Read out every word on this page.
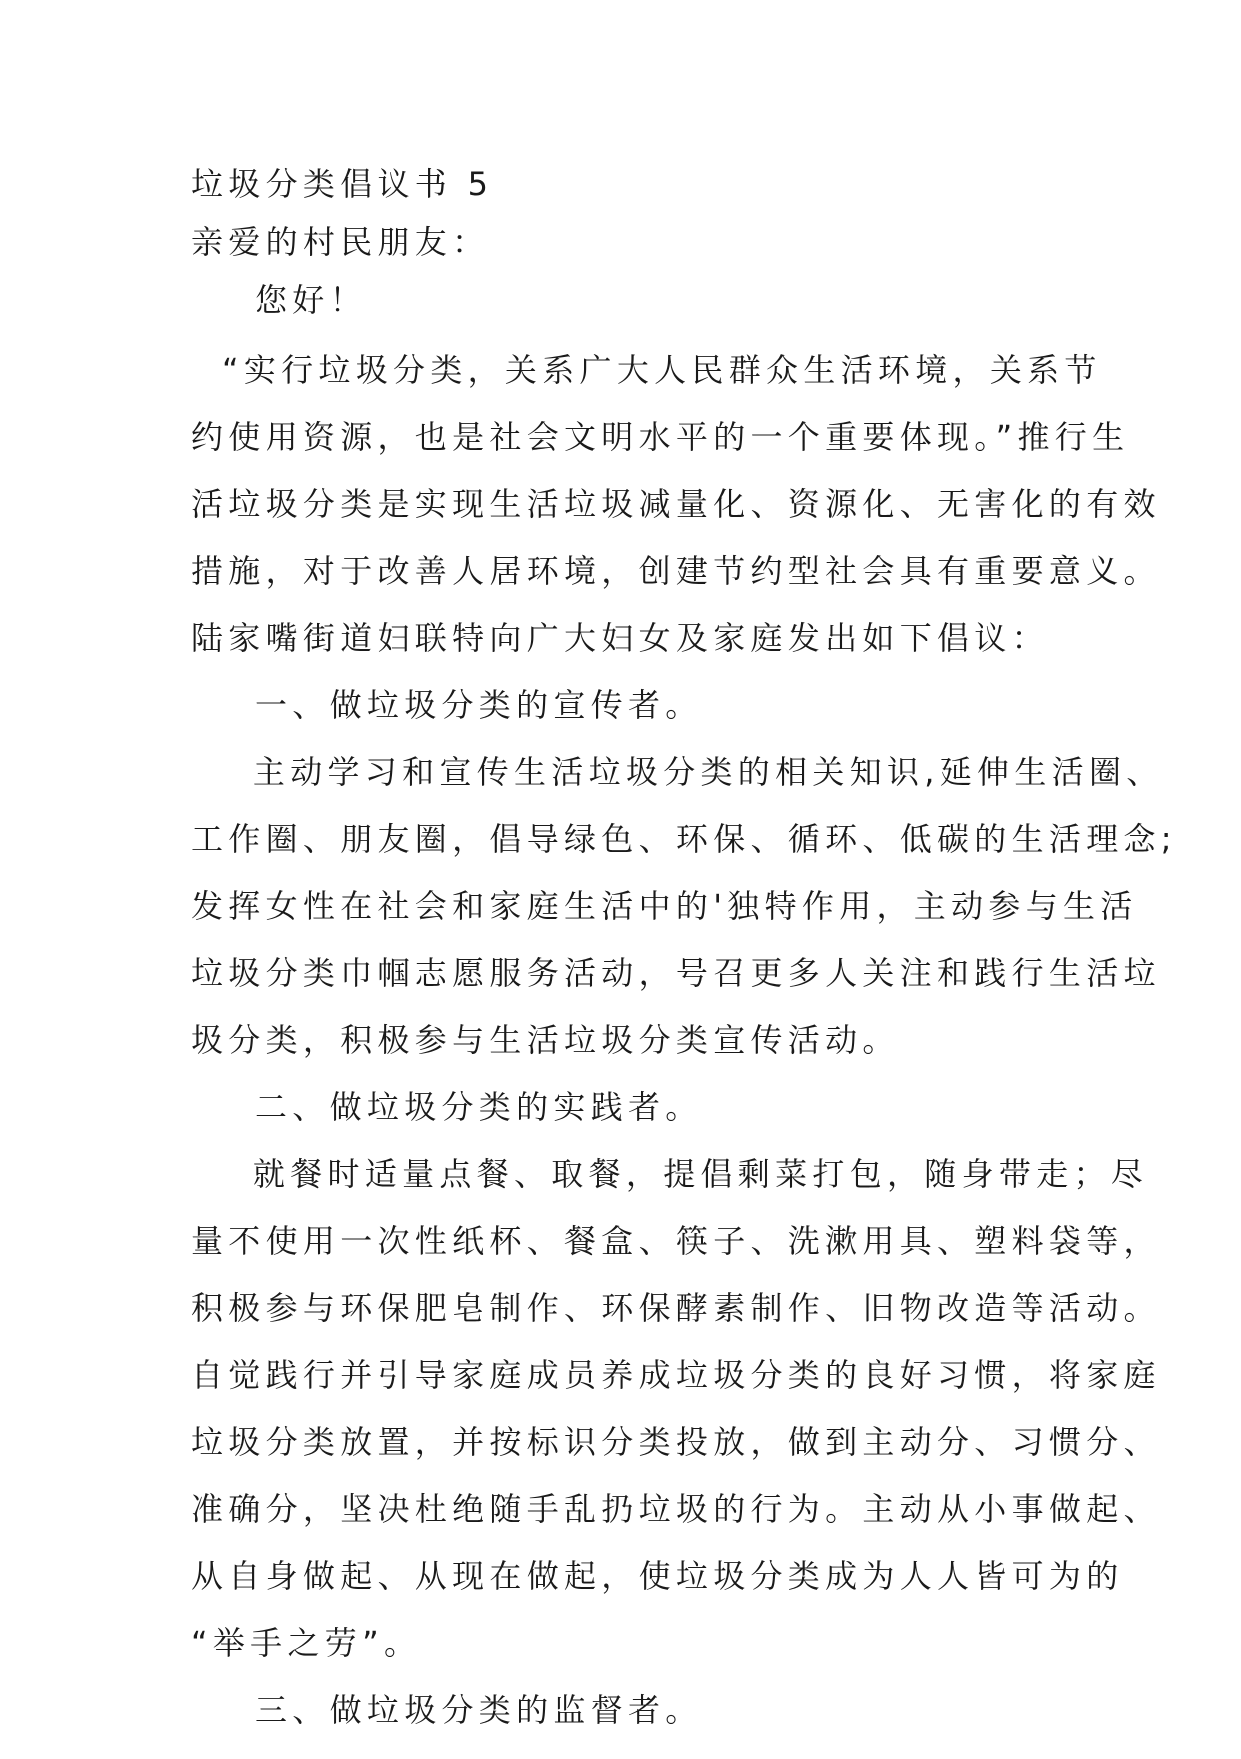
垃圾分类倡议书 5
亲爱的村民朋友：
您好！
“实行垃圾分类，关系广大人民群众生活环境，关系节
约使用资源，也是社会文明水平的一个重要体现。”推行生
活垃圾分类是实现生活垃圾减量化、资源化、无害化的有效
措施，对于改善人居环境，创建节约型社会具有重要意义。
陆家嘴街道妇联特向广大妇女及家庭发出如下倡议：
一、做垃圾分类的宣传者。
主动学习和宣传生活垃圾分类的相关知识,延伸生活圈、
工作圈、朋友圈，倡导绿色、环保、循环、低碳的生活理念;
发挥女性在社会和家庭生活中的'独特作用，主动参与生活
垃圾分类巾帼志愿服务活动，号召更多人关注和践行生活垃
圾分类，积极参与生活垃圾分类宣传活动。
二、做垃圾分类的实践者。
就餐时适量点餐、取餐，提倡剩菜打包，随身带走；尽
量不使用一次性纸杯、餐盒、筷子、洗漱用具、塑料袋等，
积极参与环保肥皂制作、环保酵素制作、旧物改造等活动。
自觉践行并引导家庭成员养成垃圾分类的良好习惯，将家庭
垃圾分类放置，并按标识分类投放，做到主动分、习惯分、
准确分，坚决杜绝随手乱扔垃圾的行为。主动从小事做起、
从自身做起、从现在做起，使垃圾分类成为人人皆可为的
“举手之劳”。
三、做垃圾分类的监督者。
